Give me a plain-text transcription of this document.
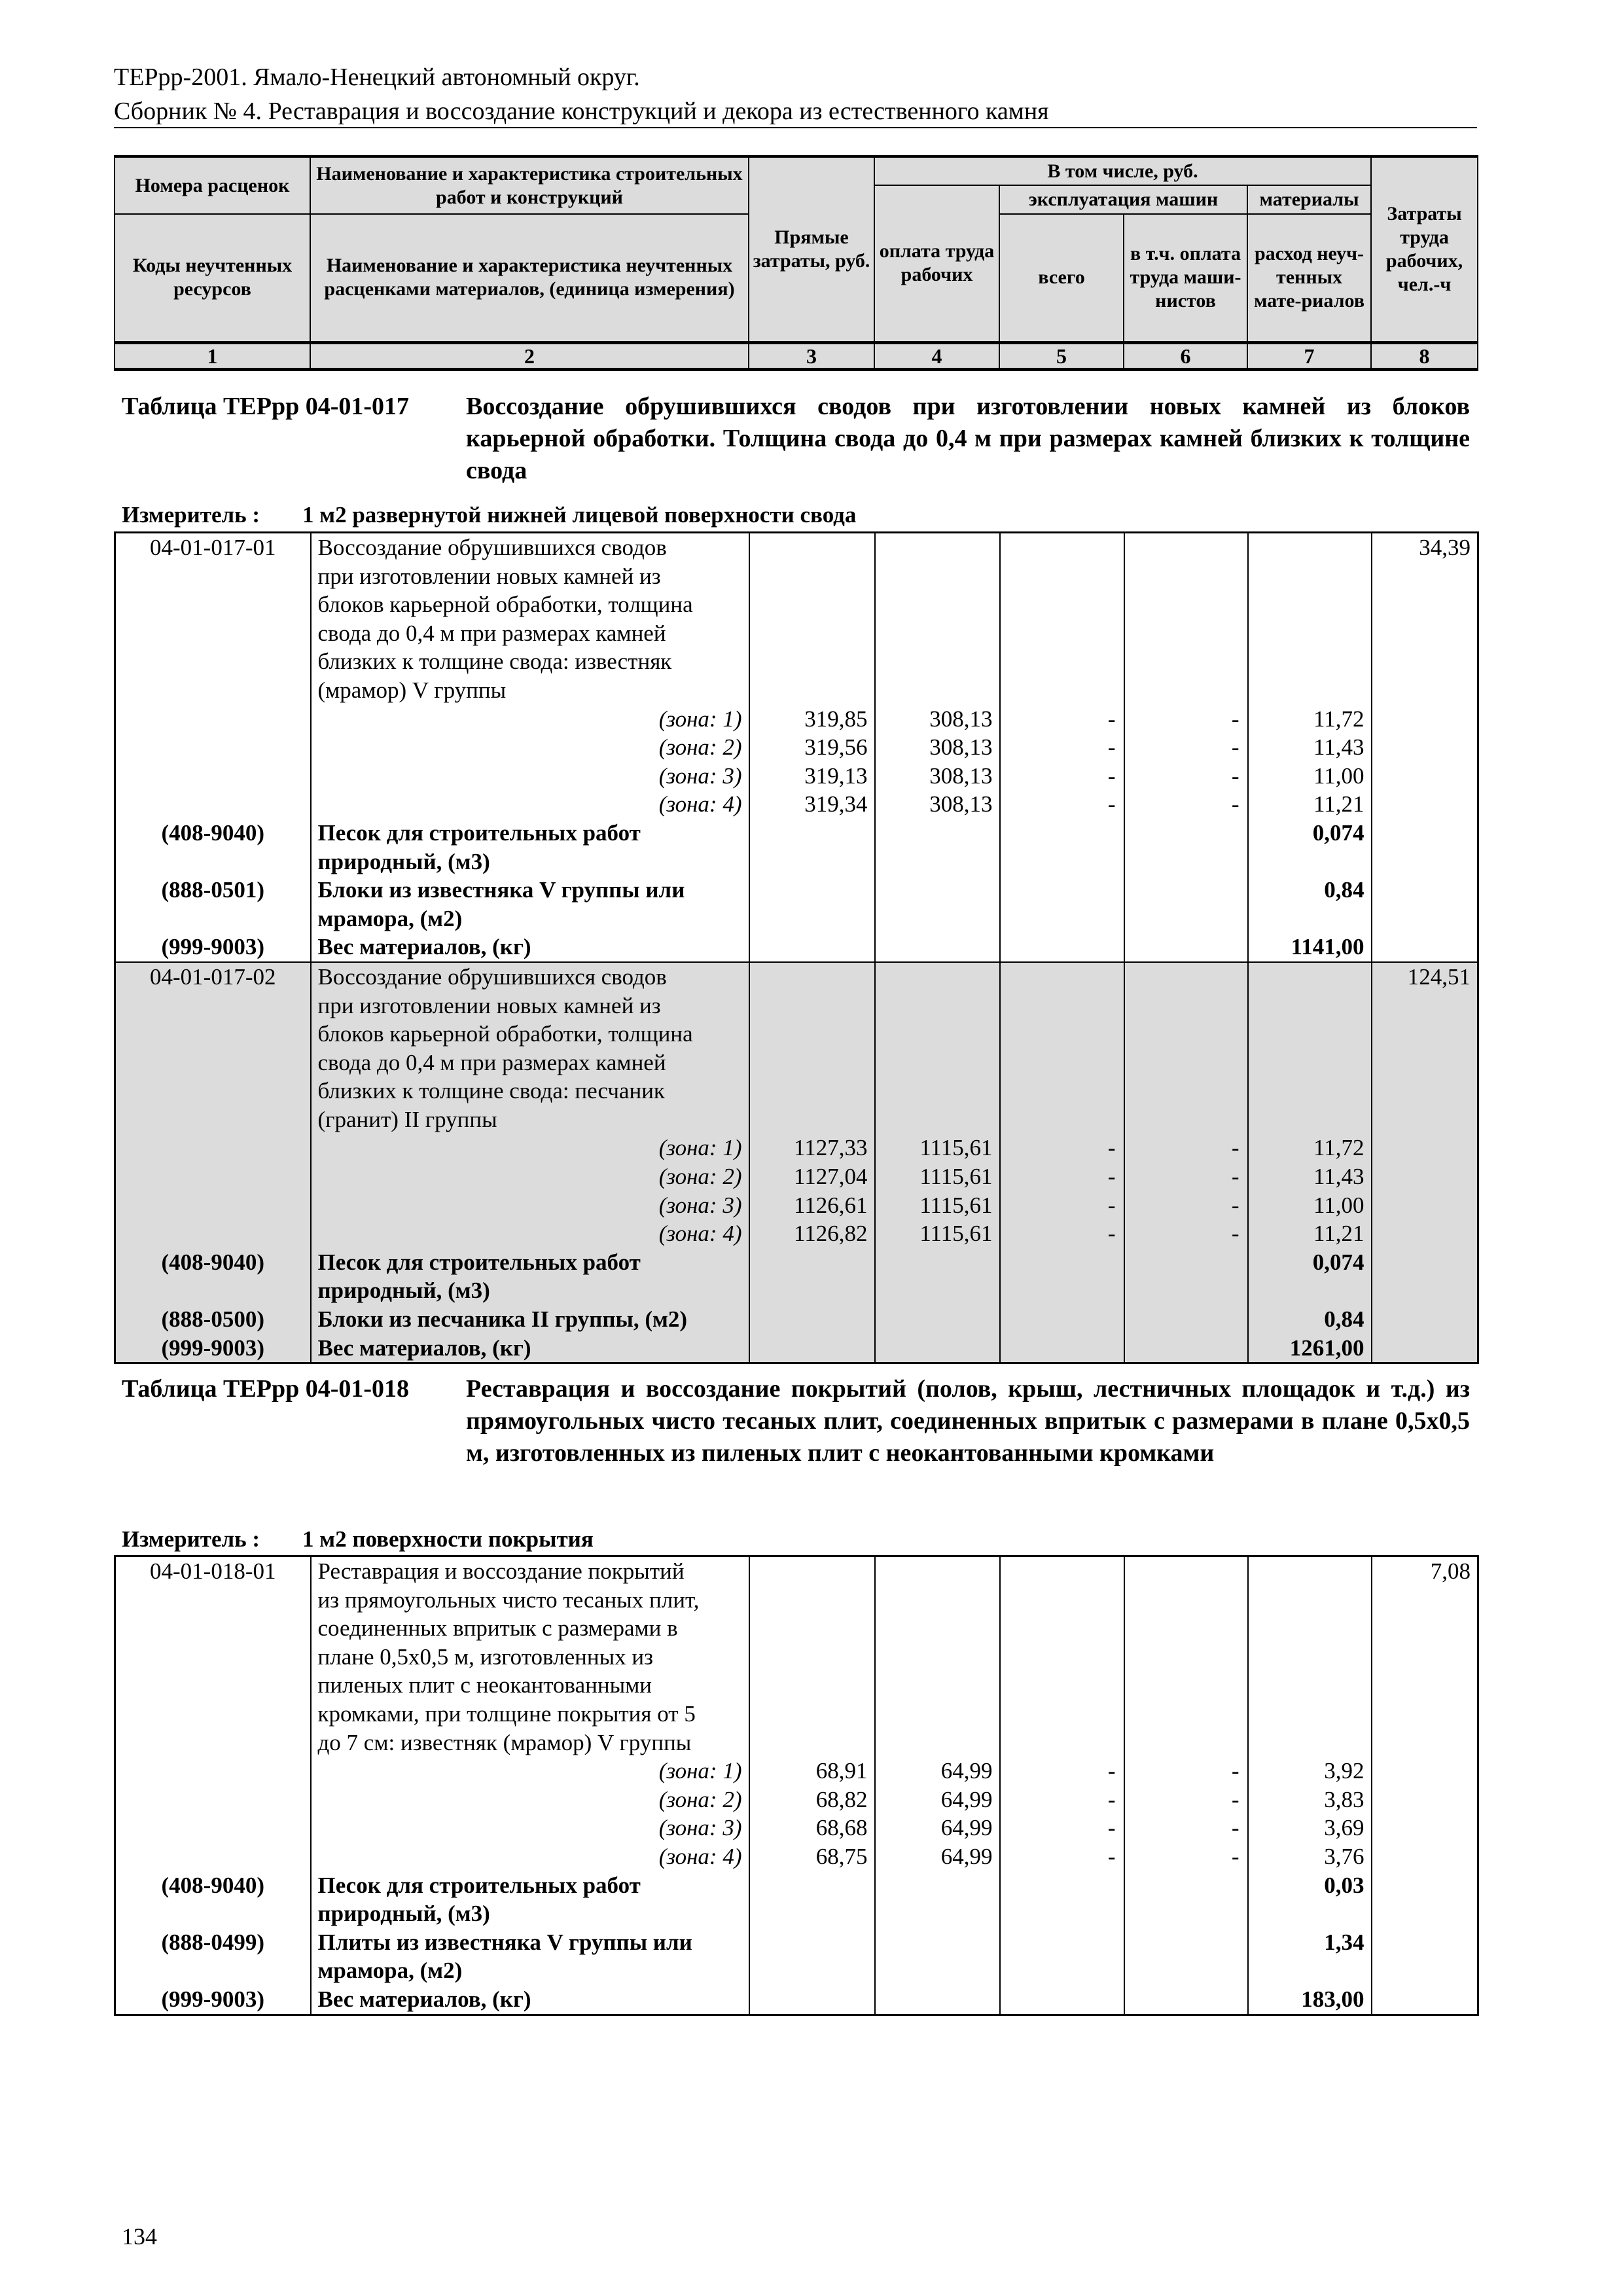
ТЕРрр-2001. Ямало-Ненецкий автономный округ.
Сборник № 4. Реставрация и воссоздание конструкций и декора из естественного камня
Номера расценок	Наименование и характеристика строительных работ и конструкций	Прямые затраты, руб.	В том числе, руб.				Затраты труда рабочих, чел.-ч
			оплата труда рабочих	эксплуатация машин		материалы	
Коды неучтенных ресурсов	Наименование и характеристика неучтенных расценками материалов, (единица измерения)			всего	в т.ч. оплата труда маши-нистов	расход неуч-тенных мате-риалов	
1	2	3	4	5	6	7	8
Таблица ТЕРрр 04-01-017 Воссоздание обрушившихся сводов при изготовлении новых камней из блоков карьерной обработки. Толщина свода до 0,4 м при размерах камней близких к толщине свода
Измеритель : 1 м2 развернутой нижней лицевой поверхности свода
04-01-017-01	Воссоздание обрушившихся сводов						34,39
	при изготовлении новых камней из						
	блоков карьерной обработки, толщина						
	свода до 0,4 м при размерах камней						
	близких к толщине свода: известняк						
	(мрамор) V группы						
	(зона: 1)	319,85	308,13	-	-	11,72	
	(зона: 2)	319,56	308,13	-	-	11,43	
	(зона: 3)	319,13	308,13	-	-	11,00	
	(зона: 4)	319,34	308,13	-	-	11,21	
(408-9040)	Песок для строительных работ					0,074	
	природный, (м3)						
(888-0501)	Блоки из известняка V группы или					0,84	
	мрамора, (м2)						
(999-9003)	Вес материалов, (кг)					1141,00	
04-01-017-02	Воссоздание обрушившихся сводов						124,51
	при изготовлении новых камней из						
	блоков карьерной обработки, толщина						
	свода до 0,4 м при размерах камней						
	близких к толщине свода: песчаник						
	(гранит) II группы						
	(зона: 1)	1127,33	1115,61	-	-	11,72	
	(зона: 2)	1127,04	1115,61	-	-	11,43	
	(зона: 3)	1126,61	1115,61	-	-	11,00	
	(зона: 4)	1126,82	1115,61	-	-	11,21	
(408-9040)	Песок для строительных работ					0,074	
	природный, (м3)						
(888-0500)	Блоки из песчаника II группы, (м2)					0,84	
(999-9003)	Вес материалов, (кг)					1261,00	
Таблица ТЕРрр 04-01-018 Реставрация и воссоздание покрытий (полов, крыш, лестничных площадок и т.д.) из прямоугольных чисто тесаных плит, соединенных впритык с размерами в плане 0,5х0,5 м, изготовленных из пиленых плит с неокантованными кромками
Измеритель : 1 м2 поверхности покрытия
04-01-018-01	Реставрация и воссоздание покрытий						7,08
	из прямоугольных чисто тесаных плит,						
	соединенных впритык с размерами в						
	плане 0,5х0,5 м, изготовленных из						
	пиленых плит с неокантованными						
	кромками, при толщине покрытия от 5						
	до 7 см: известняк (мрамор) V группы						
	(зона: 1)	68,91	64,99	-	-	3,92	
	(зона: 2)	68,82	64,99	-	-	3,83	
	(зона: 3)	68,68	64,99	-	-	3,69	
	(зона: 4)	68,75	64,99	-	-	3,76	
(408-9040)	Песок для строительных работ					0,03	
	природный, (м3)						
(888-0499)	Плиты из известняка V группы или					1,34	
	мрамора, (м2)						
(999-9003)	Вес материалов, (кг)					183,00	
134
